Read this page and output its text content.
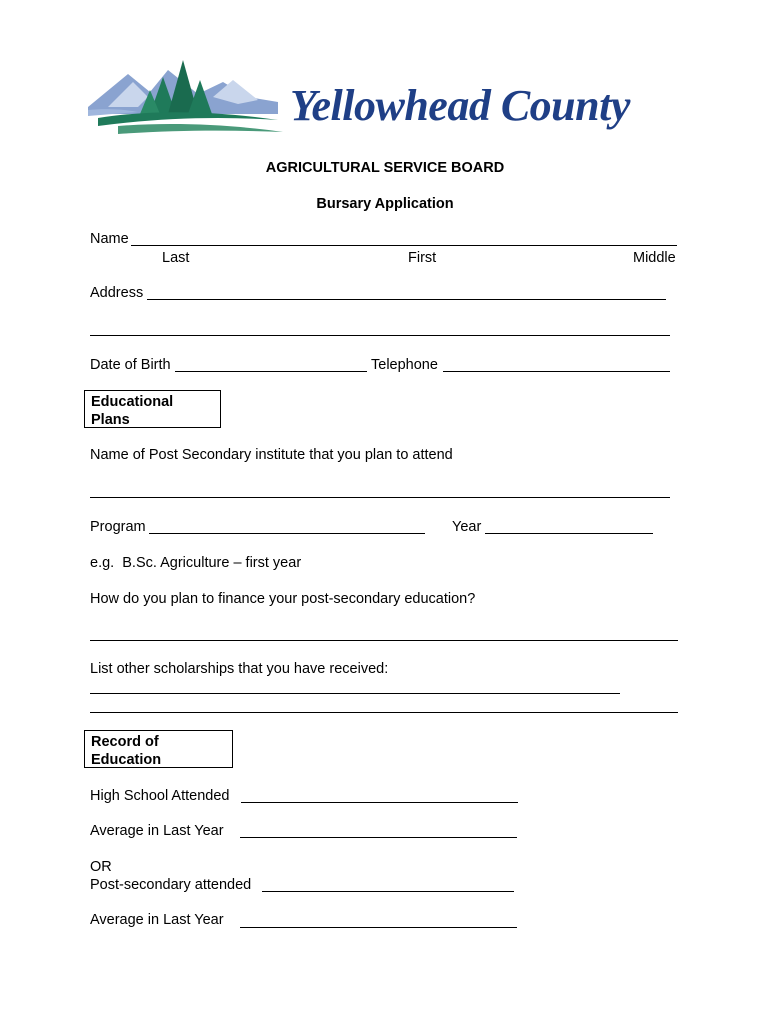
Yellowhead County
AGRICULTURAL SERVICE BOARD
Bursary Application
Name
Last	First	Middle
Address
Date of Birth	Telephone
Educational
Plans
Name of Post Secondary institute that you plan to attend
Program	Year
e.g.  B.Sc. Agriculture – first year
How do you plan to finance your post-secondary education?
List other scholarships that you have received:
Record of
Education
High School Attended
Average in Last Year
OR
Post-secondary attended
Average in Last Year
